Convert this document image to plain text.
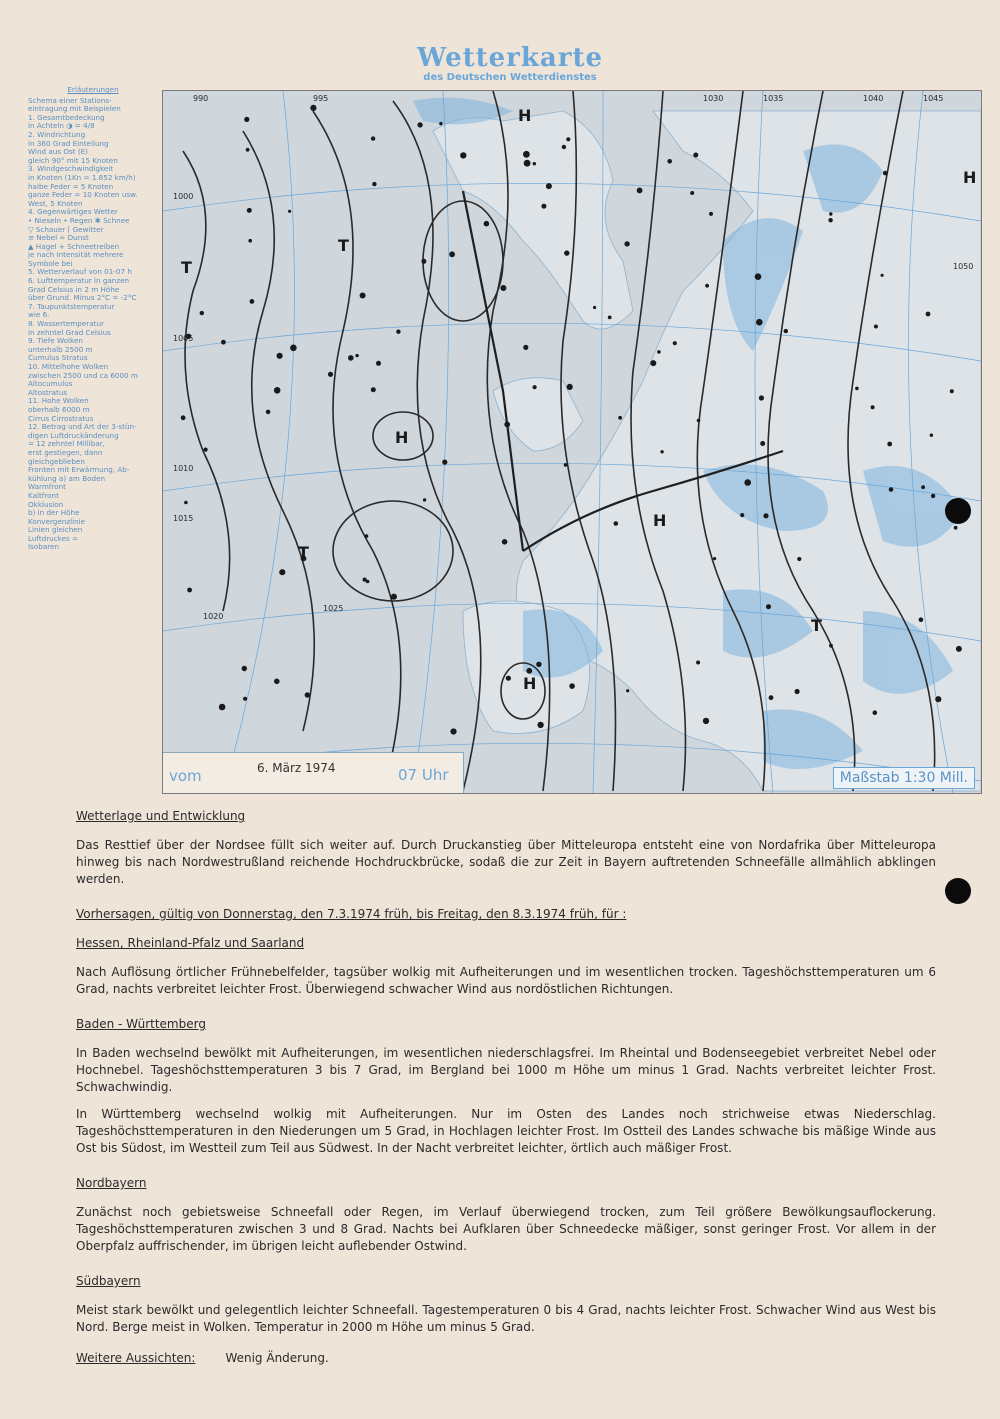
Wetterkarte
des Deutschen Wetterdienstes
Erläuterungen
Schema einer Stations-
eintragung mit Beispielen
1. Gesamtbedeckung
in Achteln ◑ = 4/8
2. Windrichtung
in 360 Grad Einteilung
Wind aus Ost (E)
gleich 90° mit 15 Knoten
3. Windgeschwindigkeit
in Knoten (1Kn = 1.852 km/h)
halbe Feder = 5 Knoten
ganze Feder = 10 Knoten usw.
West, 5 Knoten
4. Gegenwärtiges Wetter
• Nieseln • Regen ✱ Schnee
▽ Schauer ⌈ Gewitter
≡ Nebel ∞ Dunst
▲ Hagel + Schneetreiben
je nach Intensität mehrere
Symbole bei
5. Wetterverlauf von 01-07 h
6. Lufttemperatur in ganzen
Grad Celsius in 2 m Höhe
über Grund. Minus 2°C = -2°C
7. Taupunktstemperatur
wie 6.
8. Wassertemperatur
in zehntel Grad Celsius
9. Tiefe Wolken
unterhalb 2500 m
Cumulus Stratus
10. Mittelhohe Wolken
zwischen 2500 und ca 6000 m
Altocumulus
Altostratus
11. Hohe Wolken
oberhalb 6000 m
Cirrus Cirrostratus
12. Betrag und Art der 3-stün-
digen Luftdruckänderung
= 12 zehntel Millibar,
erst gestiegen, dann
gleichgeblieben
Fronten mit Erwärmung, Ab-
kühlung a) am Boden
Warmfront
Kaltfront
Okklusion
b) in der Höhe
Konvergenzlinie
Linien gleichen
Luftdruckes =
Isobaren
H
H
H
H
H
T
T
T
T
990	995
1000
1005
1010
1015
1020
1025
1030	1035	1040	1045
1050
vom	6. März 1974	07 Uhr	Maßstab 1:30 Mill.
Wetterlage und Entwicklung

Das Resttief über der Nordsee füllt sich weiter auf. Durch Druckanstieg über Mitteleuropa entsteht eine von Nordafrika über Mitteleuropa hinweg bis nach Nordwestrußland reichende Hochdruckbrücke, sodaß die zur Zeit in Bayern auftretenden Schneefälle allmählich abklingen werden.

Vorhersagen, gültig von Donnerstag, den 7.3.1974 früh, bis Freitag, den 8.3.1974 früh, für :
Hessen, Rheinland-Pfalz und Saarland

Nach Auflösung örtlicher Frühnebelfelder, tagsüber wolkig mit Aufheiterungen und im wesentlichen trocken. Tageshöchsttemperaturen um 6 Grad, nachts verbreitet leichter Frost. Überwiegend schwacher Wind aus nordöstlichen Richtungen.

Baden - Württemberg

In Baden wechselnd bewölkt mit Aufheiterungen, im wesentlichen niederschlagsfrei. Im Rheintal und Bodenseegebiet verbreitet Nebel oder Hochnebel. Tageshöchsttemperaturen 3 bis 7 Grad, im Bergland bei 1000 m Höhe um minus 1 Grad. Nachts verbreitet leichter Frost. Schwachwindig.

In Württemberg wechselnd wolkig mit Aufheiterungen. Nur im Osten des Landes noch strichweise etwas Niederschlag. Tageshöchsttemperaturen in den Niederungen um 5 Grad, in Hochlagen leichter Frost. Im Ostteil des Landes schwache bis mäßige Winde aus Ost bis Südost, im Westteil zum Teil aus Südwest. In der Nacht verbreitet leichter, örtlich auch mäßiger Frost.

Nordbayern

Zunächst noch gebietsweise Schneefall oder Regen, im Verlauf überwiegend trocken, zum Teil größere Bewölkungsauflockerung. Tageshöchsttemperaturen zwischen 3 und 8 Grad. Nachts bei Aufklaren über Schneedecke mäßiger, sonst geringer Frost. Vor allem in der Oberpfalz auffrischender, im übrigen leicht auflebender Ostwind.

Südbayern

Meist stark bewölkt und gelegentlich leichter Schneefall. Tagestemperaturen 0 bis 4 Grad, nachts leichter Frost. Schwacher Wind aus West bis Nord. Berge meist in Wolken. Temperatur in 2000 m Höhe um minus 5 Grad.

Weitere Aussichten:	Wenig Änderung.
